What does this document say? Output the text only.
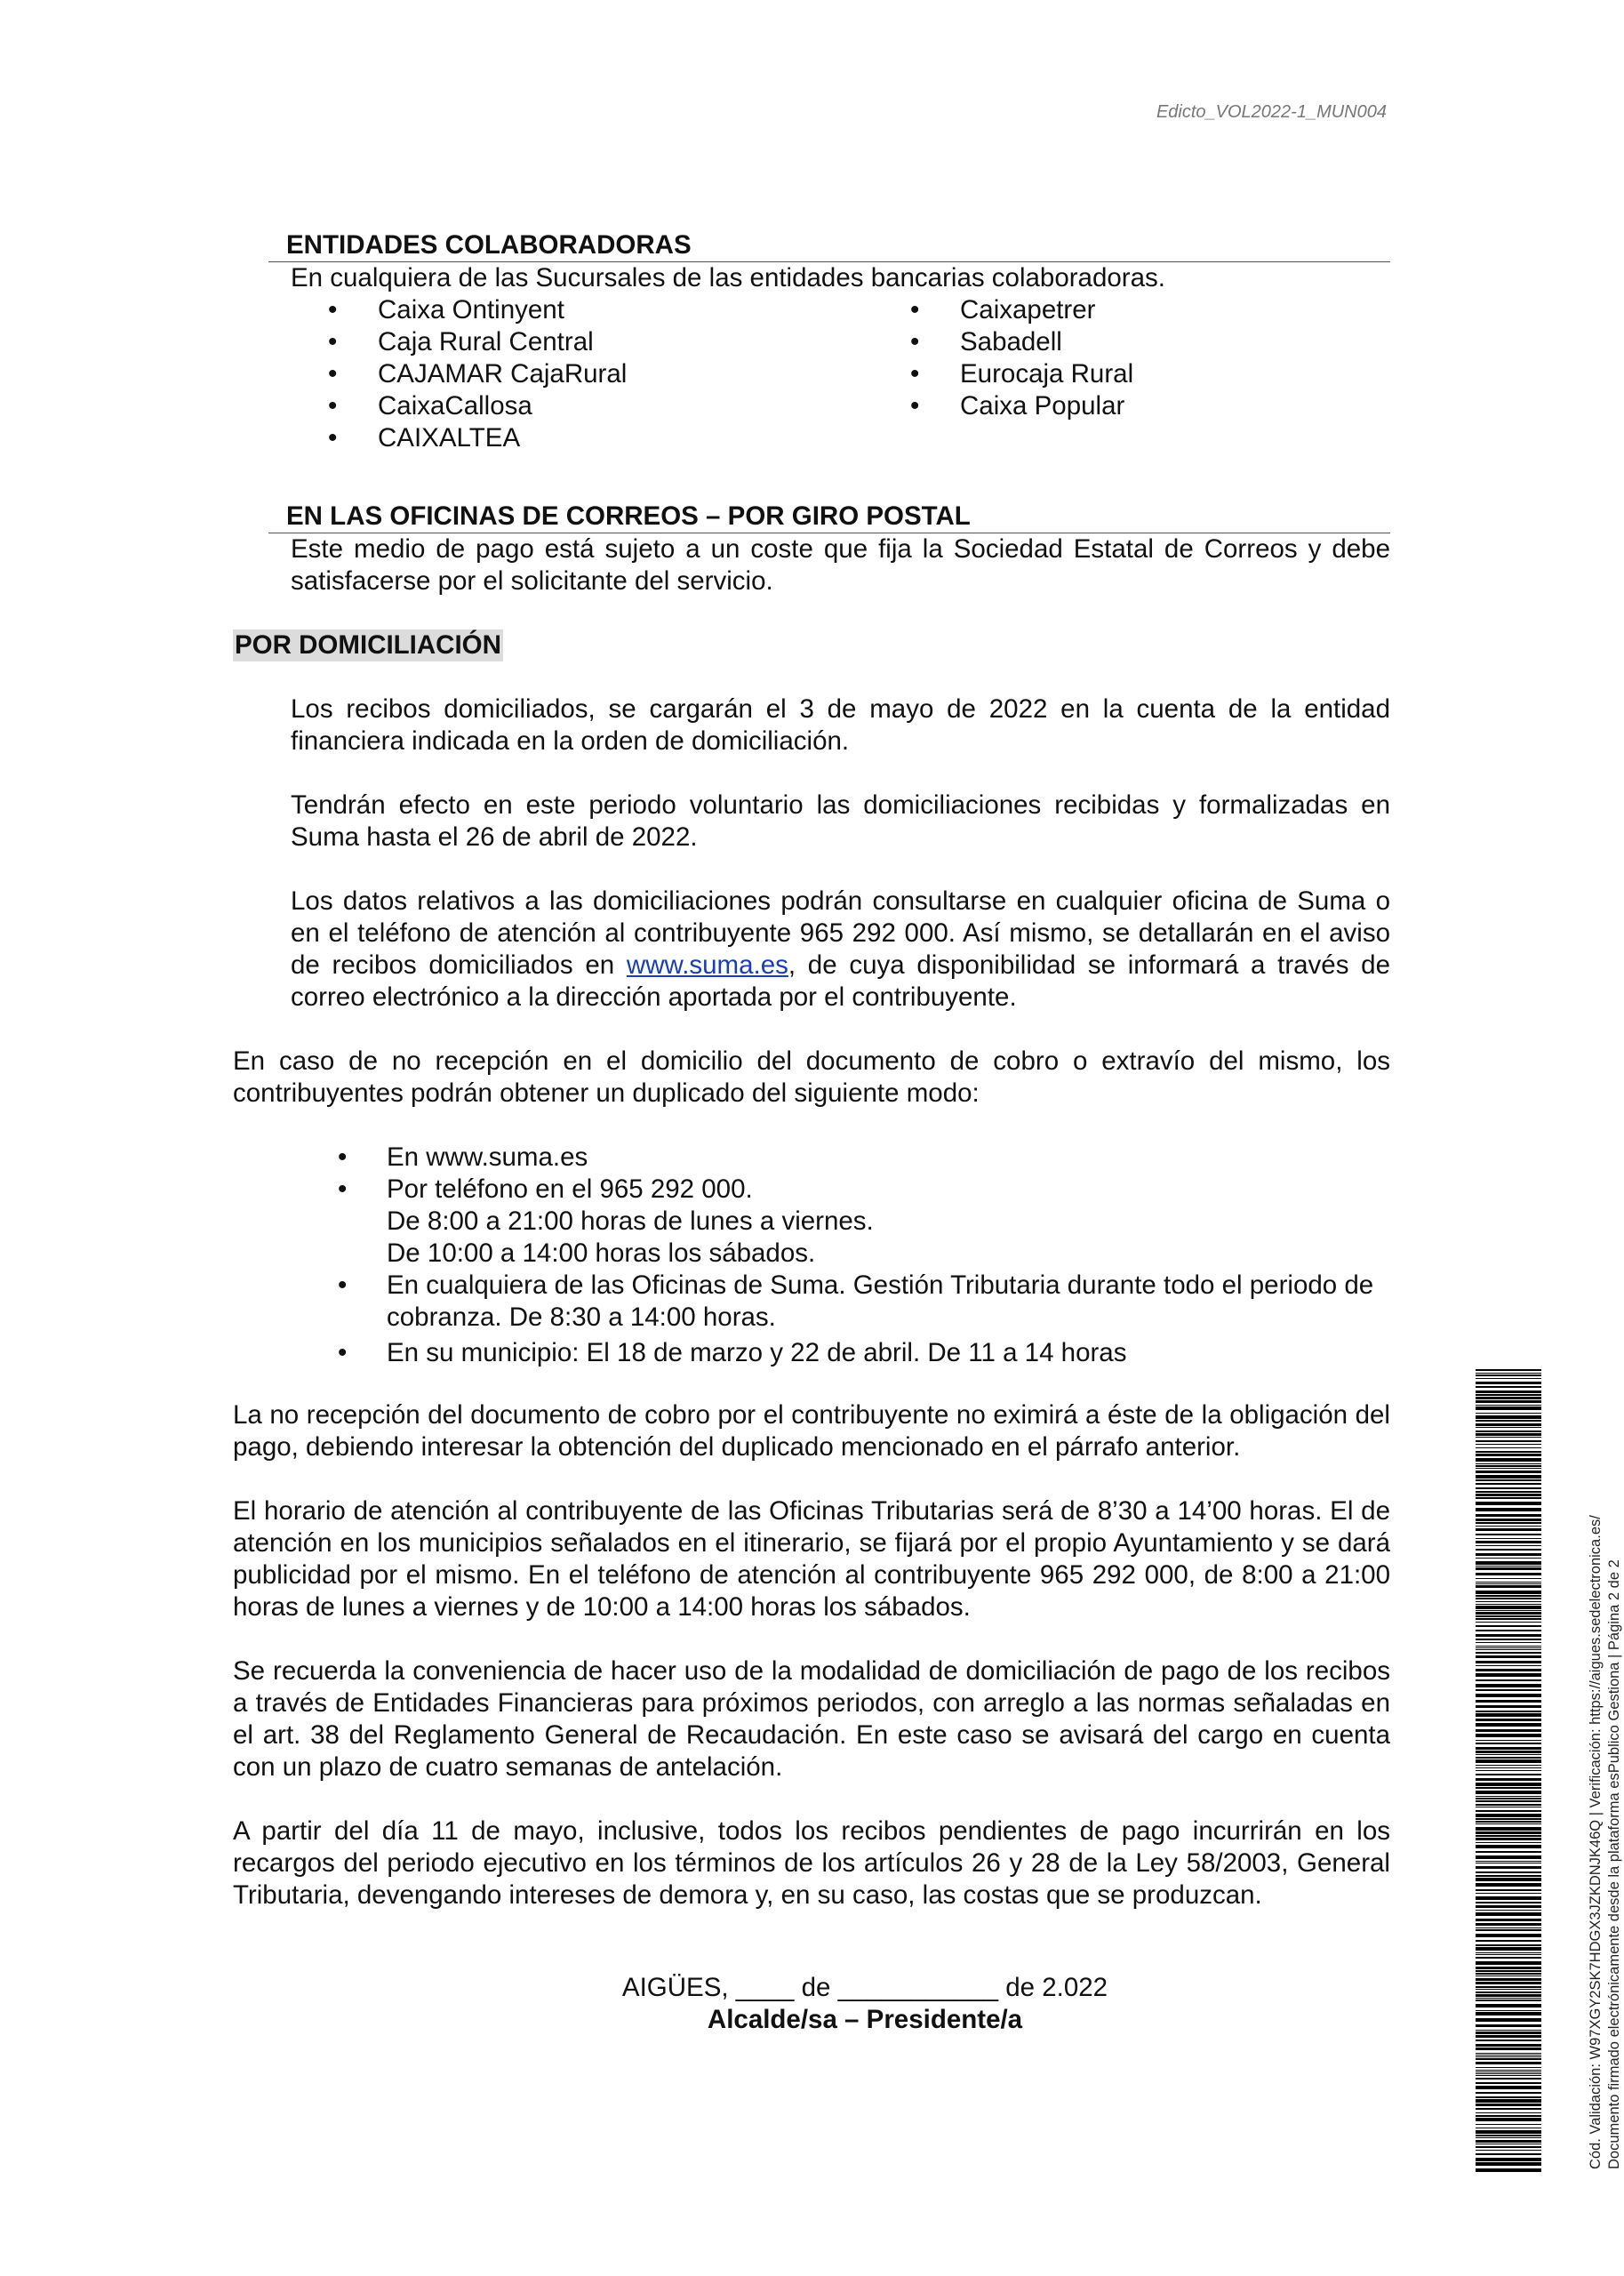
Edicto_VOL2022-1_MUN004
ENTIDADES COLABORADORAS
En cualquiera de las Sucursales de las entidades bancarias colaboradoras.
• Caixa Ontinyent
• Caja Rural Central
• CAJAMAR CajaRural
• CaixaCallosa
• CAIXALTEA
• Caixapetrer
• Sabadell
• Eurocaja Rural
• Caixa Popular
EN LAS OFICINAS DE CORREOS – POR GIRO POSTAL
Este medio de pago está sujeto a un coste que fija la Sociedad Estatal de Correos y debe satisfacerse por el solicitante del servicio.
POR DOMICILIACIÓN
Los recibos domiciliados, se cargarán el 3 de mayo de 2022 en la cuenta de la entidad financiera indicada en la orden de domiciliación.
Tendrán efecto en este periodo voluntario las domiciliaciones recibidas y formalizadas en Suma hasta el 26 de abril de 2022.
Los datos relativos a las domiciliaciones podrán consultarse en cualquier oficina de Suma o en el teléfono de atención al contribuyente 965 292 000. Así mismo, se detallarán en el aviso de recibos domiciliados en www.suma.es, de cuya disponibilidad se informará a través de correo electrónico a la dirección aportada por el contribuyente.
En caso de no recepción en el domicilio del documento de cobro o extravío del mismo, los contribuyentes podrán obtener un duplicado del siguiente modo:
• En www.suma.es
• Por teléfono en el 965 292 000.
De 8:00 a 21:00 horas de lunes a viernes.
De 10:00 a 14:00 horas los sábados.
• En cualquiera de las Oficinas de Suma. Gestión Tributaria durante todo el periodo de cobranza. De 8:30 a 14:00 horas.
• En su municipio: El 18 de marzo y 22 de abril. De 11 a 14 horas
La no recepción del documento de cobro por el contribuyente no eximirá a éste de la obligación del pago, debiendo interesar la obtención del duplicado mencionado en el párrafo anterior.
El horario de atención al contribuyente de las Oficinas Tributarias será de 8’30 a 14’00 horas. El de atención en los municipios señalados en el itinerario, se fijará por el propio Ayuntamiento y se dará publicidad por el mismo. En el teléfono de atención al contribuyente 965 292 000, de 8:00 a 21:00 horas de lunes a viernes y de 10:00 a 14:00 horas los sábados.
Se recuerda la conveniencia de hacer uso de la modalidad de domiciliación de pago de los recibos a través de Entidades Financieras para próximos periodos, con arreglo a las normas señaladas en el art. 38 del Reglamento General de Recaudación. En este caso se avisará del cargo en cuenta con un plazo de cuatro semanas de antelación.
A partir del día 11 de mayo, inclusive, todos los recibos pendientes de pago incurrirán en los recargos del periodo ejecutivo en los términos de los artículos 26 y 28 de la Ley 58/2003, General Tributaria, devengando intereses de demora y, en su caso, las costas que se produzcan.
AIGÜES, ____ de ___________ de 2.022
Alcalde/sa – Presidente/a	Cód. Validación: W97XGY2SK7HDGX3JZKDNJK46Q | Verificación: https://aigues.sedelectronica.es/ Documento firmado electrónicamente desde la plataforma esPublico Gestiona | Página 2 de 2
